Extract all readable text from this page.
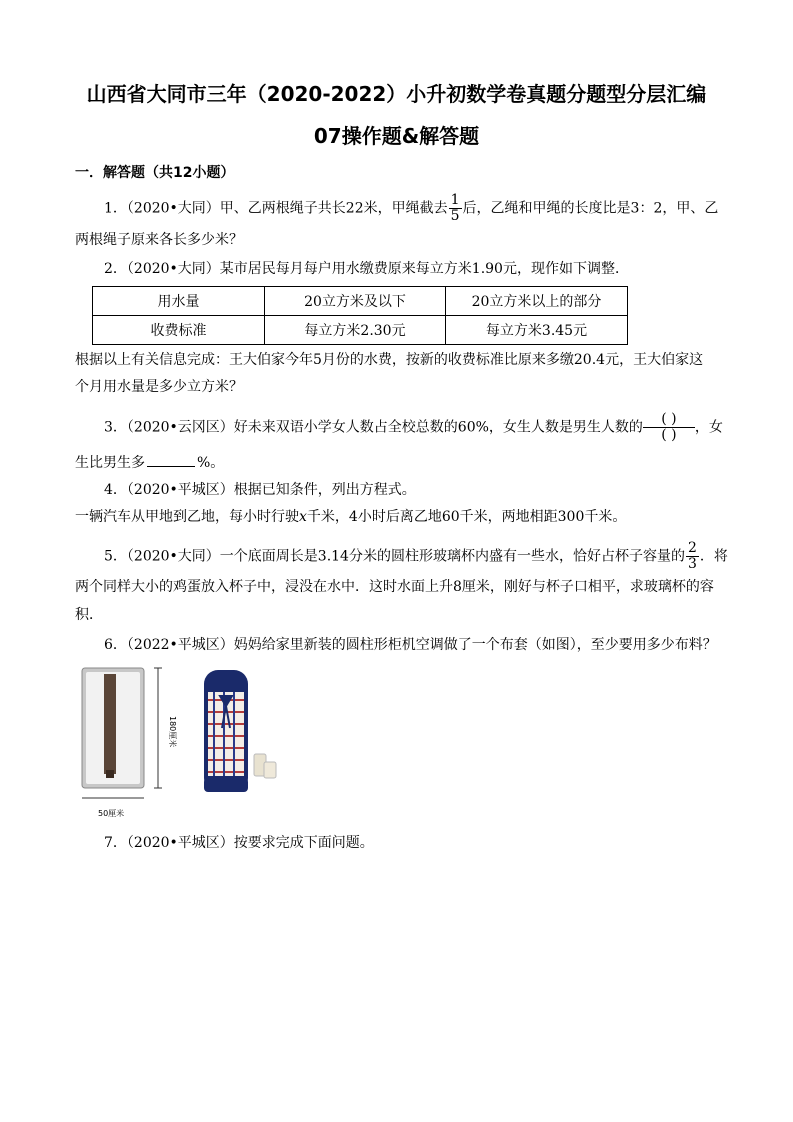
山西省大同市三年（2020-2022）小升初数学卷真题分题型分层汇编
07操作题&解答题
一．解答题（共12小题）
1．（2020•大同）甲、乙两根绳子共长22米，甲绳截去 $\frac{1}{5}$ 后，乙绳和甲绳的长度比是3：2，甲、乙
两根绳子原来各长多少米？
2．（2020•大同）某市居民每月每户用水缴费原来每立方米1.90元，现作如下调整．
用水量	20立方米及以下	20立方米以上的部分
收费标准	每立方米2.30元	每立方米3.45元
根据以上有关信息完成：王大伯家今年5月份的水费，按新的收费标准比原来多缴20.4元，王大伯家这
个月用水量是多少立方米？
3．（2020•云冈区）好未来双语小学女人数占全校总数的60%，女生人数是男生人数的
( )
( ) ，女
生比男生多	%。
4．（2020•平城区）根据已知条件，列出方程式。
一辆汽车从甲地到乙地，每小时行驶x千米，4小时后离乙地60千米，两地相距300千米。
5．（2020•大同）一个底面周长是3.14分米的圆柱形玻璃杯内盛有一些水，恰好占杯子容量的 $\frac{2}{3}$ ．将
两个同样大小的鸡蛋放入杯子中，浸没在水中．这时水面上升8厘米，刚好与杯子口相平，求玻璃杯的容
积．
6．（2022•平城区）妈妈给家里新装的圆柱形柜机空调做了一个布套（如图），至少要用多少布料？
180厘米
50厘米
7．（2020•平城区）按要求完成下面问题。
